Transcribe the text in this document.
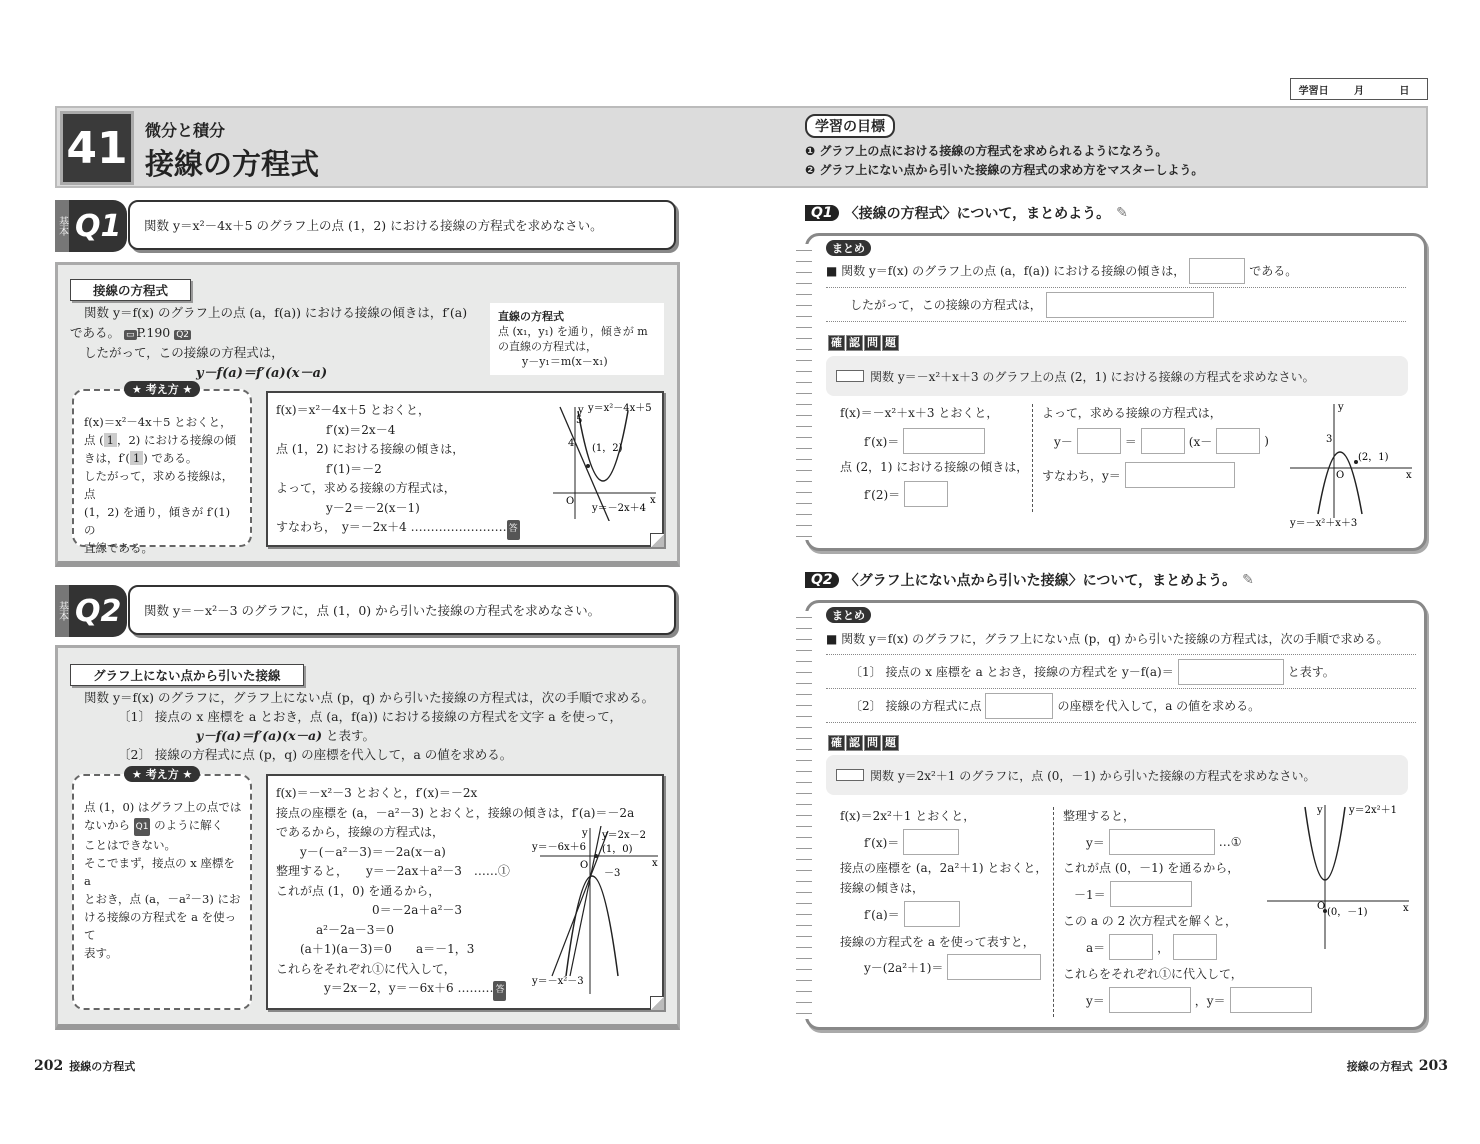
学習日	月	日
41	微分と積分
接線の方程式
学習の目標
❶ グラフ上の点における接線の方程式を求められるようになろう。
❷ グラフ上にない点から引いた接線の方程式の求め方をマスターしよう。
基本 Q1	関数 y＝x²－4x＋5 のグラフ上の点 (1，2) における接線の方程式を求めなさい。
接線の方程式
関数 y＝f(x) のグラフ上の点 (a，f(a)) における接線の傾きは，f′(a)
である。 ▭ P.190 Q2
したがって，この接線の方程式は，
y－f(a)＝f′(a)(x－a)
直線の方程式
点 (x₁，y₁) を通り，傾きが m
の直線の方程式は，
y－y₁＝m(x－x₁)
f(x)＝x²－4x＋5 とおくと，
点 ( 1 ，2) における接線の傾
きは，f′( 1 ) である。
したがって，求める接線は，点
(1，2) を通り，傾きが f′(1) の
直線である。
★ 考え方 ★
f(x)＝x²－4x＋5 とおくと，
f′(x)＝2x－4
点 (1，2) における接線の傾きは，
f′(1)＝－2
よって，求める接線の方程式は，
y－2＝－2(x－1)
すなわち，　y＝－2x＋4 …………………… 答
y＝x²－4x＋5
y＝－2x＋4
(1，2)
5
4
O	x
y
基本 Q2	関数 y＝－x²－3 のグラフに，点 (1，0) から引いた接線の方程式を求めなさい。
グラフ上にない点から引いた接線
関数 y＝f(x) のグラフに，グラフ上にない点 (p，q) から引いた接線の方程式は，次の手順で求める。
〔1〕 接点の x 座標を a とおき，点 (a，f(a)) における接線の方程式を文字 a を使って，
y－f(a)＝f′(a)(x－a) と表す。
〔2〕 接線の方程式に点 (p，q) の座標を代入して，a の値を求める。
点 (1，0) はグラフ上の点では
ないから Q1 のように解く
ことはできない。
そこでまず，接点の x 座標を a
とおき，点 (a，－a²－3) にお
ける接線の方程式を a を使って
表す。
★ 考え方 ★
f(x)＝－x²－3 とおくと，f′(x)＝－2x
接点の座標を (a，－a²－3) とおくと，接線の傾きは，f′(a)＝－2a
であるから，接線の方程式は，
y－(－a²－3)＝－2a(x－a)
整理すると，　　y＝－2ax＋a²－3　……①
これが点 (1，0) を通るから，
0＝－2a＋a²－3
a²－2a－3＝0
(a＋1)(a－3)＝0　　a＝－1，3
これらをそれぞれ①に代入して，
y＝2x－2，y＝－6x＋6 ……… 答
y＝2x－2
y＝－6x＋6 (1，0)
－3
y＝－x²－3
O	x
y
Q1 〈接線の方程式〉について，まとめよう。 ✎
■ 関数 y＝f(x) のグラフ上の点 (a，f(a)) における接線の傾きは，	である。
まとめ
したがって，この接線の方程式は，
関数 y＝－x²＋x＋3 のグラフ上の点 (2，1) における接線の方程式を求めなさい。
確 認 問 題
f(x)＝－x²＋x＋3 とおくと，
f′(x)＝
点 (2，1) における接線の傾きは，
f′(2)＝
よって，求める接線の方程式は，
y－	＝	(x－	)
すなわち，y＝
(2，1)
3
O	x
y
y＝－x²＋x＋3
Q2 〈グラフ上にない点から引いた接線〉について，まとめよう。 ✎
■ 関数 y＝f(x) のグラフに，グラフ上にない点 (p，q) から引いた接線の方程式は，次の手順で求める。
まとめ
〔1〕 接点の x 座標を a とおき，接線の方程式を y－f(a)＝	と表す。
〔2〕 接線の方程式に点	の座標を代入して，a の値を求める。
関数 y＝2x²＋1 のグラフに，点 (0，－1) から引いた接線の方程式を求めなさい。
確 認 問 題
f(x)＝2x²＋1 とおくと，
f′(x)＝
接点の座標を (a，2a²＋1) とおくと，
接線の傾きは，
f′(a)＝
接線の方程式を a を使って表すと，
y－(2a²＋1)＝
整理すると，
y＝	…①
これが点 (0，－1) を通るから，
－1＝
この a の 2 次方程式を解くと，
a＝	，
これらをそれぞれ①に代入して，
y＝	，y＝
(0，－1)
y＝2x²＋1
O	x
y
202 接線の方程式	接線の方程式 203
